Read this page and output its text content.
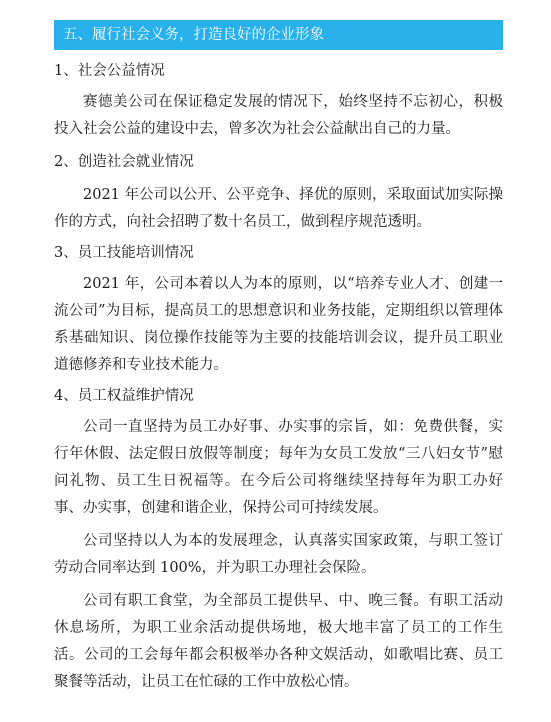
五、履行社会义务，打造良好的企业形象

1、社会公益情况

赛德美公司在保证稳定发展的情况下，始终坚持不忘初心，积极投入社会公益的建设中去，曾多次为社会公益献出自己的力量。

2、创造社会就业情况

2021 年公司以公开、公平竞争、择优的原则，采取面试加实际操作的方式，向社会招聘了数十名员工，做到程序规范透明。

3、员工技能培训情况

2021 年，公司本着以人为本的原则，以“培养专业人才、创建一流公司”为目标，提高员工的思想意识和业务技能，定期组织以管理体系基础知识、岗位操作技能等为主要的技能培训会议，提升员工职业道德修养和专业技术能力。

4、员工权益维护情况

公司一直坚持为员工办好事、办实事的宗旨，如：免费供餐，实行年休假、法定假日放假等制度；每年为女员工发放“三八妇女节”慰问礼物、员工生日祝福等。在今后公司将继续坚持每年为职工办好事、办实事，创建和谐企业，保持公司可持续发展。

公司坚持以人为本的发展理念，认真落实国家政策，与职工签订劳动合同率达到 100%，并为职工办理社会保险。

公司有职工食堂，为全部员工提供早、中、晚三餐。有职工活动休息场所，为职工业余活动提供场地，极大地丰富了员工的工作生活。公司的工会每年都会积极举办各种文娱活动，如歌唱比赛、员工聚餐等活动，让员工在忙碌的工作中放松心情。
